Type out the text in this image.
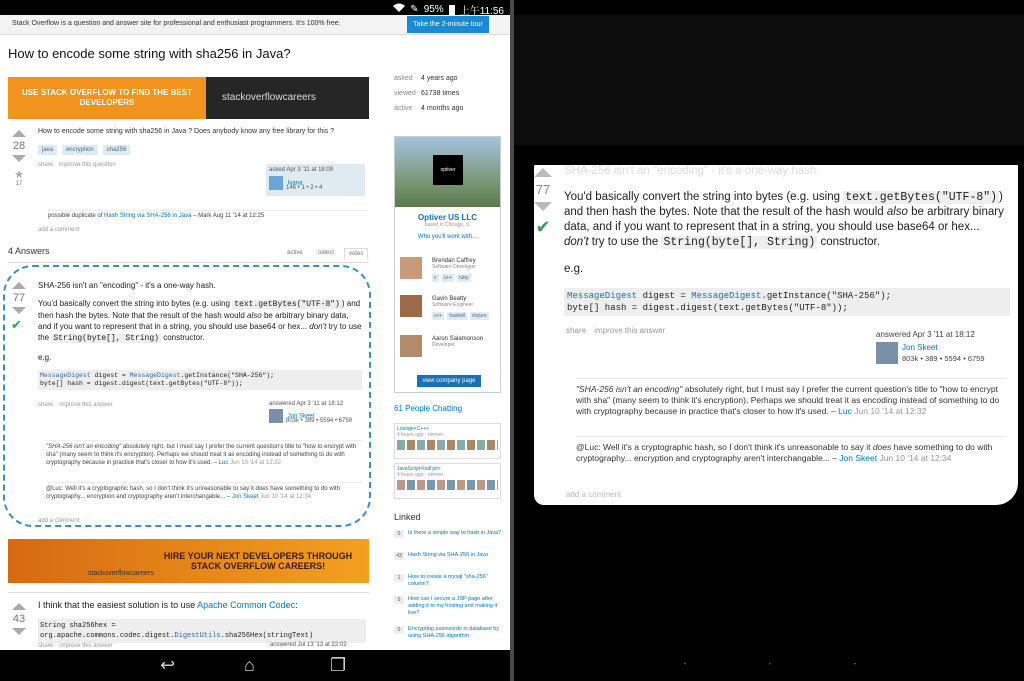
Stack Overflow is a question and answer site for professional and enthusiast programmers. It's 100% free.	Take the 2-minute tour
How to encode some string with sha256 in Java?
USE STACK OVERFLOW TO FIND THE BEST DEVELOPERS	stackoverflowcareers
asked 4 years ago
viewed 61738 times
active 4 months ago
28
★
17
How to encode some string with sha256 in Java ? Does anybody know any free library for this ?
java encryption sha256
share improve this question
asked Apr 3 '11 at 18:09
Ivana
146 • 1 • 2 • 4
possible duplicate of Hash String via SHA-256 in Java – Mark Aug 11 '14 at 12:25
add a comment
4 Answers	active	oldest	votes
77
✔
SHA-256 isn't an "encoding" - it's a one-way hash.
You'd basically convert the string into bytes (e.g. using text.getBytes("UTF-8") ) and then hash the bytes. Note that the result of the hash would also be arbitrary binary data, and if you want to represent that in a string, you should use base64 or hex... don't try to use the String(byte[], String) constructor.
e.g.
MessageDigest digest = MessageDigest.getInstance("SHA-256");
byte[] hash = digest.digest(text.getBytes("UTF-8"));
share improve this answer	answered Apr 3 '11 at 18:12
Jon Skeet
803k • 389 • 5594 • 6759
"SHA-256 isn't an encoding" absolutely right, but I must say I prefer the current question's title to "how to encrypt with sha" (many seem to think it's encryption). Perhaps we should treat it as encoding instead of something to do with cryptography because in practice that's closer to how it's used. – Luc Jun 10 '14 at 12:32
@Luc: Well it's a cryptographic hash, so I don't think it's unreasonable to say it does have something to do with cryptography... encryption and cryptography aren't interchangable... – Jon Skeet Jun 10 '14 at 12:34
add a comment
HIRE YOUR NEXT DEVELOPERS THROUGH STACK OVERFLOW CAREERS!
stackoverflowcareers
43
I think that the easiest solution is to use Apache Common Codec:
String sha256hex = org.apache.commons.codec.digest.DigestUtils.sha256Hex(stringText)
share improve this answer	answered Jul 13 '13 at 22:02
optiver
Optiver US LLC
based in Chicago, IL
Who you'll work with...
Brendan Caffrey
Software Developer
c c++ ruby
Gavin Beatty
Software Engineer
c++ haskell clojure
Aaron Salamonson
Developer
view company page
61 People Chatting
Lounge<C++>
4 hours ago - rlemon
JavaScript<ball pit>
4 hours ago - rlemon
Linked
0	Is there a simple way to hash in Java?
43	Hash String via SHA-256 in Java
1	How to create a mysql "sha-256" column?
0	How can I secure a JSP page after adding it to my hosting and making it live?
0	Encrypting passwords in database by using SHA-256 algorithm
✎ 95% 上午11:56
↩	⌂	❐	•	•	•
SHA-256 isn't an "encoding" - it's a one-way hash.
77
✔
You'd basically convert the string into bytes (e.g. using text.getBytes("UTF-8") ) and then hash the bytes. Note that the result of the hash would also be arbitrary binary data, and if you want to represent that in a string, you should use base64 or hex... don't try to use the String(byte[], String) constructor.
e.g.
MessageDigest digest = MessageDigest.getInstance("SHA-256");
byte[] hash = digest.digest(text.getBytes("UTF-8"));
share improve this answer	answered Apr 3 '11 at 18:12
Jon Skeet
803k • 389 • 5594 • 6759
"SHA-256 isn't an encoding" absolutely right, but I must say I prefer the current question's title to "how to encrypt with sha" (many seem to think it's encryption). Perhaps we should treat it as encoding instead of something to do with cryptography because in practice that's closer to how it's used. – Luc Jun 10 '14 at 12:32
@Luc: Well it's a cryptographic hash, so I don't think it's unreasonable to say it does have something to do with cryptography... encryption and cryptography aren't interchangable... – Jon Skeet Jun 10 '14 at 12:34
add a comment
